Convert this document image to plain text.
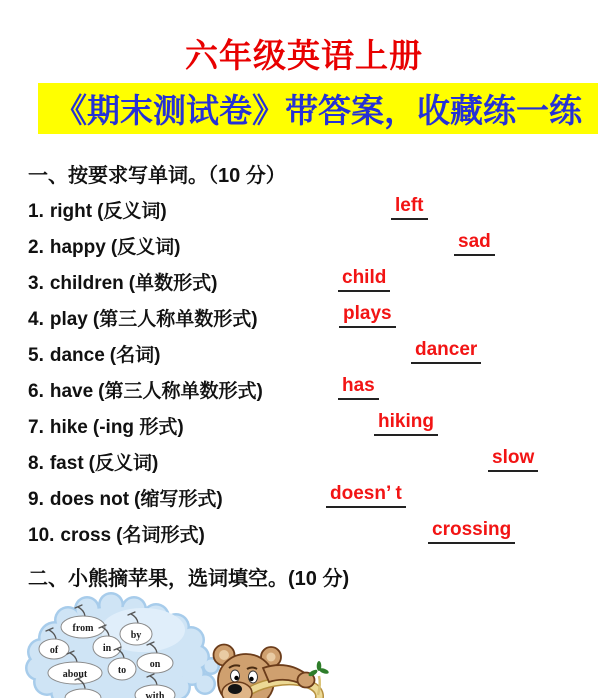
六年级英语上册
《期末测试卷》带答案，收藏练一练
一、按要求写单词。（10 分）
1. right (反义词)	left
2. happy (反义词)	sad
3. children (单数形式)	child
4. play (第三人称单数形式)	plays
5. dance (名词)	dancer
6. have (第三人称单数形式)	has
7. hike (-ing 形式)	hiking
8. fast (反义词)	slow
9. does not (缩写形式)	doesn’ t
10. cross (名词形式)	crossing
二、小熊摘苹果，选词填空。(10 分)
from
by
of	in
about	to
on
with
